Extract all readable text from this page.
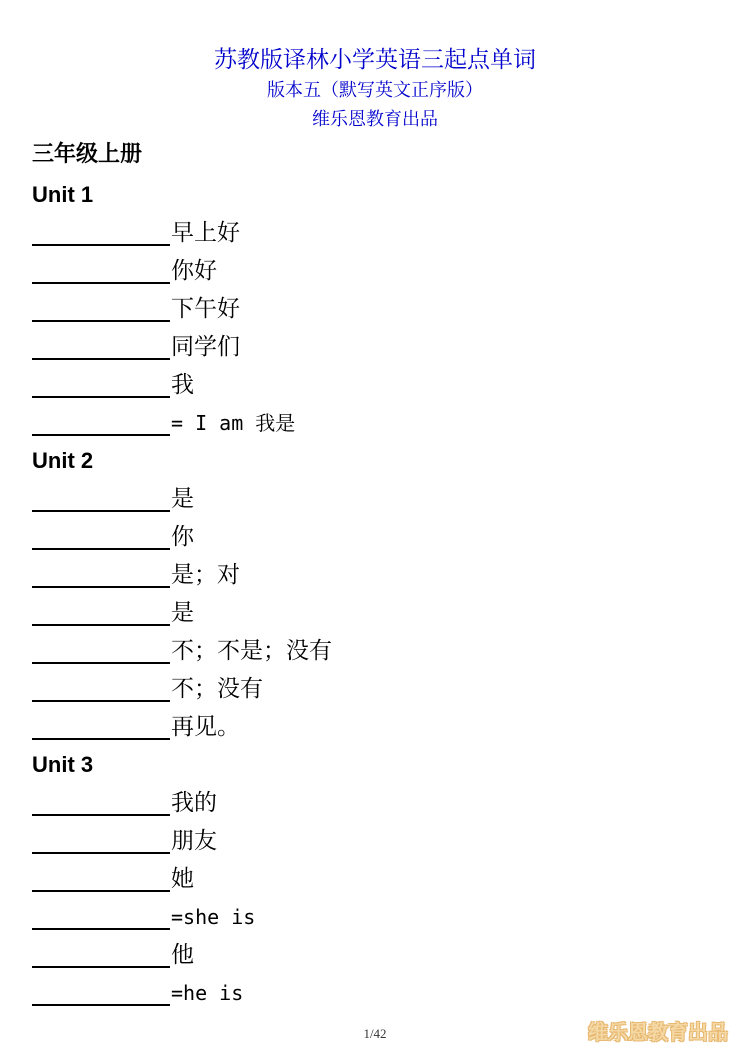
苏教版译林小学英语三起点单词
版本五（默写英文正序版）
维乐恩教育出品
三年级上册
Unit 1
早上好
你好
下午好
同学们
我
= I am 我是
Unit 2
是
你
是；对
是
不；不是；没有
不；没有
再见。
Unit 3
我的
朋友
她
=she is
他
=he is
1/42	维乐恩教育出品
